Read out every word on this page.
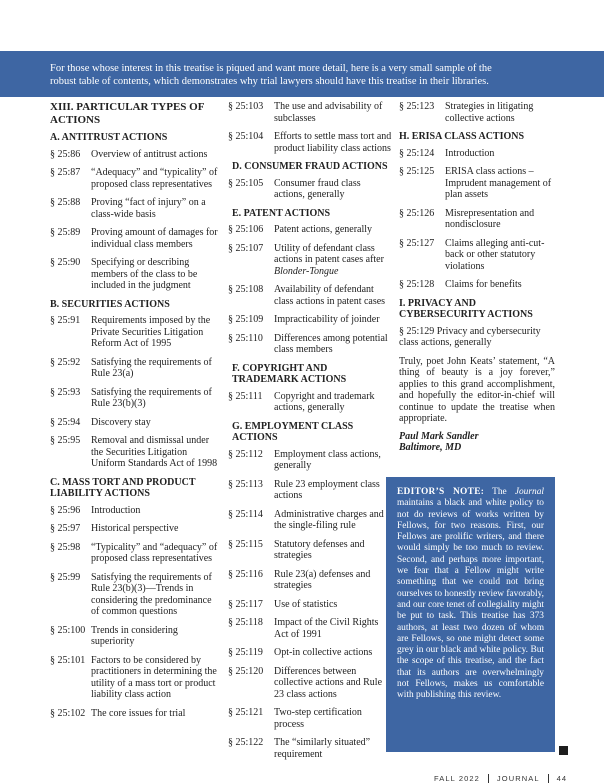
For those whose interest in this treatise is piqued and want more detail, here is a very small sample of the
robust table of contents, which demonstrates why trial lawyers should have this treatise in their libraries.
XIII. PARTICULAR TYPES OF ACTIONS
A. ANTITRUST ACTIONS
§ 25:86	Overview of antitrust actions
§ 25:87	“Adequacy” and “typicality” of proposed class representatives
§ 25:88	Proving “fact of injury” on a class-wide basis
§ 25:89	Proving amount of damages for individual class members
§ 25:90	Specifying or describing members of the class to be included in the judgment
B. SECURITIES ACTIONS
§ 25:91	Requirements imposed by the Private Securities Litigation Reform Act of 1995
§ 25:92	Satisfying the requirements of Rule 23(a)
§ 25:93	Satisfying the requirements of Rule 23(b)(3)
§ 25:94	Discovery stay
§ 25:95	Removal and dismissal under the Securities Litigation Uniform Standards Act of 1998
C. MASS TORT AND PRODUCT LIABILITY ACTIONS
§ 25:96	Introduction
§ 25:97	Historical perspective
§ 25:98	“Typicality” and “adequacy” of proposed class representatives
§ 25:99	Satisfying the requirements of Rule 23(b)(3)—Trends in considering the predominance of common questions
§ 25:100 Trends in considering superiority
§ 25:101 Factors to be considered by practitioners in determining the utility of a mass tort or product liability class action
§ 25:102 The core issues for trial
§ 25:103	The use and advisability of subclasses
§ 25:104	Efforts to settle mass tort and product liability class actions
D. CONSUMER FRAUD ACTIONS
§ 25:105	Consumer fraud class actions, generally
E. PATENT ACTIONS
§ 25:106	Patent actions, generally
§ 25:107	Utility of defendant class actions in patent cases after Blonder-Tongue
§ 25:108	Availability of defendant class actions in patent cases
§ 25:109	Impracticability of joinder
§ 25:110	Differences among potential class members
F. COPYRIGHT AND TRADEMARK ACTIONS
§ 25:111	Copyright and trademark actions, generally
G. EMPLOYMENT CLASS ACTIONS
§ 25:112	Employment class actions, generally
§ 25:113	Rule 23 employment class actions
§ 25:114	Administrative charges and the single-filing rule
§ 25:115	Statutory defenses and strategies
§ 25:116	Rule 23(a) defenses and strategies
§ 25:117	Use of statistics
§ 25:118	Impact of the Civil Rights Act of 1991
§ 25:119	Opt-in collective actions
§ 25:120	Differences between collective actions and Rule 23 class actions
§ 25:121	Two-step certification process
§ 25:122	The “similarly situated” requirement
§ 25:123	Strategies in litigating collective actions
H. ERISA CLASS ACTIONS
§ 25:124	Introduction
§ 25:125	ERISA class actions – Imprudent management of plan assets
§ 25:126	Misrepresentation and nondisclosure
§ 25:127	Claims alleging anti-cut-back or other statutory violations
§ 25:128	Claims for benefits
I. PRIVACY AND CYBERSECURITY ACTIONS
§ 25:129 Privacy and cybersecurity class actions, generally
Truly, poet John Keats’ statement, “A thing of beauty is a joy forever,” applies to this grand accomplishment, and hopefully the editor-in-chief will continue to update the treatise when appropriate.
Paul Mark Sandler
Baltimore, MD
EDITOR’S NOTE: The Journal maintains a black and white policy to not do reviews of works written by Fellows, for two reasons. First, our Fellows are prolific writers, and there would simply be too much to review. Second, and perhaps more important, we fear that a Fellow might write something that we could not bring ourselves to honestly review favorably, and our core tenet of collegiality might be put to task. This treatise has 373 authors, at least two dozen of whom are Fellows, so one might detect some grey in our black and white policy. But the scope of this treatise, and the fact that its authors are overwhelmingly not Fellows, makes us comfortable with publishing this review.
FALL 2022 JOURNAL 44
